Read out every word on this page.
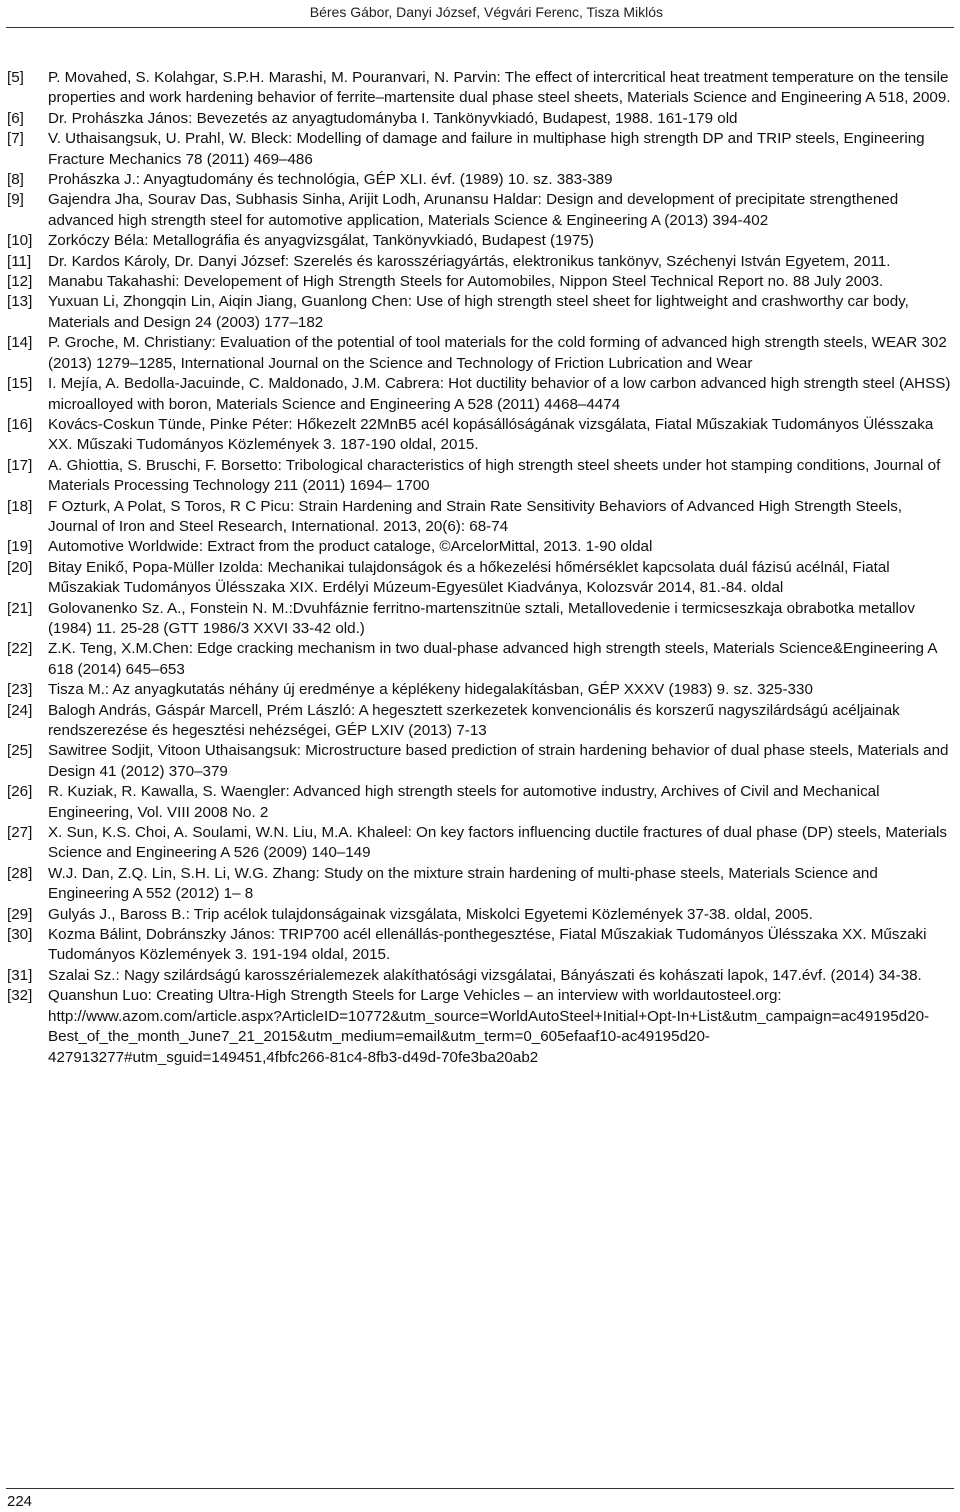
Béres Gábor, Danyi József, Végvári Ferenc, Tisza Miklós
[5]	P. Movahed, S. Kolahgar, S.P.H. Marashi, M. Pouranvari, N. Parvin: The effect of intercritical heat treatment temperature on the tensile properties and work hardening behavior of ferrite–martensite dual phase steel sheets, Materials Science and Engineering A 518, 2009.
[6]	Dr. Prohászka János: Bevezetés az anyagtudományba I. Tankönyvkiadó, Budapest, 1988. 161-179 old
[7]	V. Uthaisangsuk, U. Prahl, W. Bleck: Modelling of damage and failure in multiphase high strength DP and TRIP steels, Engineering Fracture Mechanics 78 (2011) 469–486
[8]	Prohászka J.: Anyagtudomány és technológia, GÉP XLI. évf. (1989) 10. sz. 383-389
[9]	Gajendra Jha, Sourav Das, Subhasis Sinha, Arijit Lodh, Arunansu Haldar: Design and development of precipitate strengthened advanced high strength steel for automotive application, Materials Science & Engineering A (2013) 394-402
[10]	Zorkóczy Béla: Metallográfia és anyagvizsgálat, Tankönyvkiadó, Budapest (1975)
[11]	Dr. Kardos Károly, Dr. Danyi József: Szerelés és karosszériagyártás, elektronikus tankönyv, Széchenyi István Egyetem, 2011.
[12]	Manabu Takahashi: Developement of High Strength Steels for Automobiles, Nippon Steel Technical Report no. 88 July 2003.
[13]	Yuxuan Li, Zhongqin Lin, Aiqin Jiang, Guanlong Chen: Use of high strength steel sheet for lightweight and crashworthy car body, Materials and Design 24 (2003) 177–182
[14]	P. Groche, M. Christiany: Evaluation of the potential of tool materials for the cold forming of advanced high strength steels, WEAR 302 (2013) 1279–1285, International Journal on the Science and Technology of Friction Lubrication and Wear
[15]	I. Mejía, A. Bedolla-Jacuinde, C. Maldonado, J.M. Cabrera: Hot ductility behavior of a low carbon advanced high strength steel (AHSS) microalloyed with boron, Materials Science and Engineering A 528 (2011) 4468–4474
[16]	Kovács-Coskun Tünde, Pinke Péter: Hőkezelt 22MnB5 acél kopásállóságának vizsgálata, Fiatal Műszakiak Tudományos Ülésszaka XX. Műszaki Tudományos Közlemények 3. 187-190 oldal, 2015.
[17]	A. Ghiottia, S. Bruschi, F. Borsetto: Tribological characteristics of high strength steel sheets under hot stamping conditions, Journal of Materials Processing Technology 211 (2011) 1694– 1700
[18]	F Ozturk, A Polat, S Toros, R C Picu: Strain Hardening and Strain Rate Sensitivity Behaviors of Advanced High Strength Steels, Journal of Iron and Steel Research, International. 2013, 20(6): 68-74
[19]	Automotive Worldwide: Extract from the product cataloge, ©ArcelorMittal, 2013. 1-90 oldal
[20]	Bitay Enikő, Popa-Müller Izolda: Mechanikai tulajdonságok és a hőkezelési hőmérséklet kapcsolata duál fázisú acélnál, Fiatal Műszakiak Tudományos Ülésszaka XIX. Erdélyi Múzeum-Egyesület Kiadványa, Kolozsvár 2014, 81.-84. oldal
[21]	Golovanenko Sz. A., Fonstein N. M.:Dvuhfáznie ferritno-martenszitnüe sztali, Metallovedenie i termicseszkaja obrabotka metallov (1984) 11. 25-28 (GTT 1986/3 XXVI 33-42 old.)
[22]	Z.K. Teng, X.M.Chen: Edge cracking mechanism in two dual-phase advanced high strength steels, Materials Science&Engineering A 618 (2014) 645–653
[23]	Tisza M.: Az anyagkutatás néhány új eredménye a képlékeny hidegalakításban, GÉP XXXV (1983) 9. sz. 325-330
[24]	Balogh András, Gáspár Marcell, Prém László: A hegesztett szerkezetek konvencionális és korszerű nagyszilárdságú acéljainak rendszerezése és hegesztési nehézségei, GÉP LXIV (2013) 7-13
[25]	Sawitree Sodjit, Vitoon Uthaisangsuk: Microstructure based prediction of strain hardening behavior of dual phase steels, Materials and Design 41 (2012) 370–379
[26]	R. Kuziak, R. Kawalla, S. Waengler: Advanced high strength steels for automotive industry, Archives of Civil and Mechanical Engineering, Vol. VIII 2008 No. 2
[27]	X. Sun, K.S. Choi, A. Soulami, W.N. Liu, M.A. Khaleel: On key factors influencing ductile fractures of dual phase (DP) steels, Materials Science and Engineering A 526 (2009) 140–149
[28]	W.J. Dan, Z.Q. Lin, S.H. Li, W.G. Zhang: Study on the mixture strain hardening of multi-phase steels, Materials Science and Engineering A 552 (2012) 1– 8
[29]	Gulyás J., Baross B.: Trip acélok tulajdonságainak vizsgálata, Miskolci Egyetemi Közlemények 37-38. oldal, 2005.
[30]	Kozma Bálint, Dobránszky János: TRIP700 acél ellenállás-ponthegesztése, Fiatal Műszakiak Tudományos Ülésszaka XX. Műszaki Tudományos Közlemények 3. 191-194 oldal, 2015.
[31]	Szalai Sz.: Nagy szilárdságú karosszérialemezek alakíthatósági vizsgálatai, Bányászati és kohászati lapok, 147.évf. (2014) 34-38.
[32]	Quanshun Luo: Creating Ultra-High Strength Steels for Large Vehicles – an interview with worldautosteel.org: http://www.azom.com/article.aspx?ArticleID=10772&utm_source=WorldAutoSteel+Initial+Opt-In+List&utm_campaign=ac49195d20-Best_of_the_month_June7_21_2015&utm_medium=email&utm_term=0_605efaaf10-ac49195d20-427913277#utm_sguid=149451,4fbfc266-81c4-8fb3-d49d-70fe3ba20ab2
224
